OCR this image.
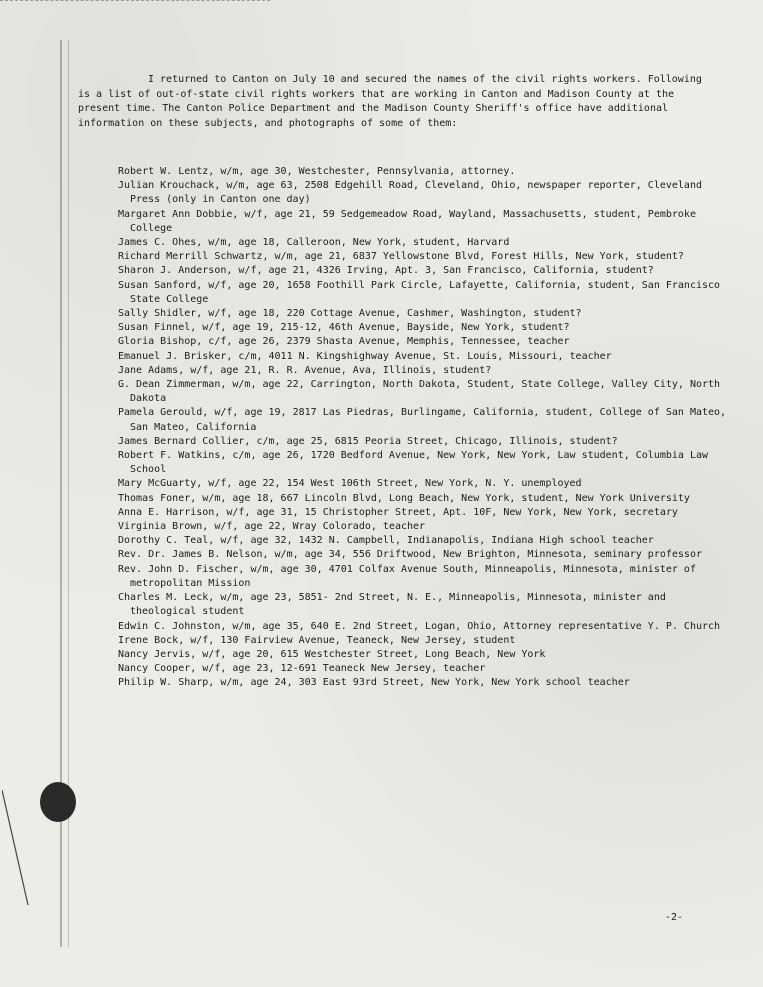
I returned to Canton on July 10 and secured the names of the civil rights workers. Following is a list of out-of-state civil rights workers that are working in Canton and Madison County at the present time. The Canton Police Department and the Madison County Sheriff's office have additional information on these subjects, and photographs of some of them:

Robert W. Lentz, w/m, age 30, Westchester, Pennsylvania, attorney.
Julian Krouchack, w/m, age 63, 2508 Edgehill Road, Cleveland, Ohio, newspaper reporter, Cleveland Press (only in Canton one day)
Margaret Ann Dobbie, w/f, age 21, 59 Sedgemeadow Road, Wayland, Massachusetts, student, Pembroke College
James C. Ohes, w/m, age 18, Calleroon, New York, student, Harvard
Richard Merrill Schwartz, w/m, age 21, 6837 Yellowstone Blvd, Forest Hills, New York, student?
Sharon J. Anderson, w/f, age 21, 4326 Irving, Apt. 3, San Francisco, California, student?
Susan Sanford, w/f, age 20, 1658 Foothill Park Circle, Lafayette, California, student, San Francisco State College
Sally Shidler, w/f, age 18, 220 Cottage Avenue, Cashmer, Washington, student?
Susan Finnel, w/f, age 19, 215-12, 46th Avenue, Bayside, New York, student?
Gloria Bishop, c/f, age 26, 2379 Shasta Avenue, Memphis, Tennessee, teacher
Emanuel J. Brisker, c/m, 4011 N. Kingshighway Avenue, St. Louis, Missouri, teacher
Jane Adams, w/f, age 21, R. R. Avenue, Ava, Illinois, student?
G. Dean Zimmerman, w/m, age 22, Carrington, North Dakota, Student, State College, Valley City, North Dakota
Pamela Gerould, w/f, age 19, 2817 Las Piedras, Burlingame, California, student, College of San Mateo, San Mateo, California
James Bernard Collier, c/m, age 25, 6815 Peoria Street, Chicago, Illinois, student?
Robert F. Watkins, c/m, age 26, 1720 Bedford Avenue, New York, New York, Law student, Columbia Law School
Mary McGuarty, w/f, age 22, 154 West 106th Street, New York, N. Y. unemployed
Thomas Foner, w/m, age 18, 667 Lincoln Blvd, Long Beach, New York, student, New York University
Anna E. Harrison, w/f, age 31, 15 Christopher Street, Apt. 10F, New York, New York, secretary
Virginia Brown, w/f, age 22, Wray Colorado, teacher
Dorothy C. Teal, w/f, age 32, 1432 N. Campbell, Indianapolis, Indiana High school teacher
Rev. Dr. James B. Nelson, w/m, age 34, 556 Driftwood, New Brighton, Minnesota, seminary professor
Rev. John D. Fischer, w/m, age 30, 4701 Colfax Avenue South, Minneapolis, Minnesota, minister of metropolitan Mission
Charles M. Leck, w/m, age 23, 5851- 2nd Street, N. E., Minneapolis, Minnesota, minister and theological student
Edwin C. Johnston, w/m, age 35, 640 E. 2nd Street, Logan, Ohio, Attorney representative Y. P. Church
Irene Bock, w/f, 130 Fairview Avenue, Teaneck, New Jersey, student
Nancy Jervis, w/f, age 20, 615 Westchester Street, Long Beach, New York
Nancy Cooper, w/f, age 23, 12-691 Teaneck New Jersey, teacher
Philip W. Sharp, w/m, age 24, 303 East 93rd Street, New York, New York school teacher
-2-
